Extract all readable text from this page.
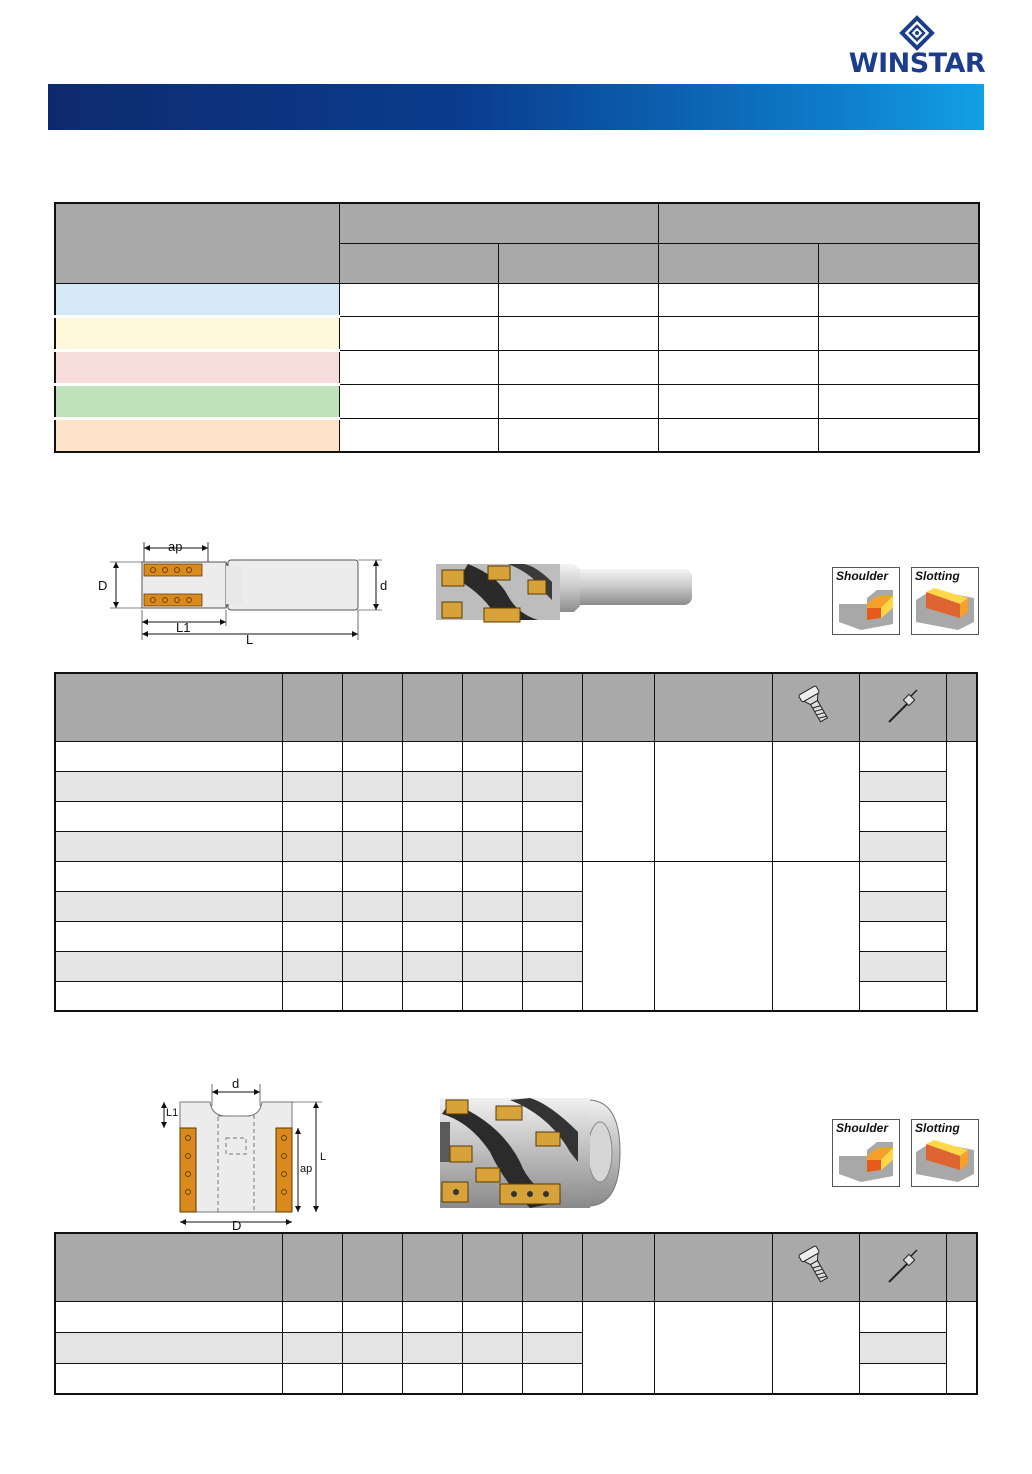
WINSTAR

ap
D	d
L1
L
Shoulder Slotting

d
L1
ap
L
D
Shoulder Slotting
